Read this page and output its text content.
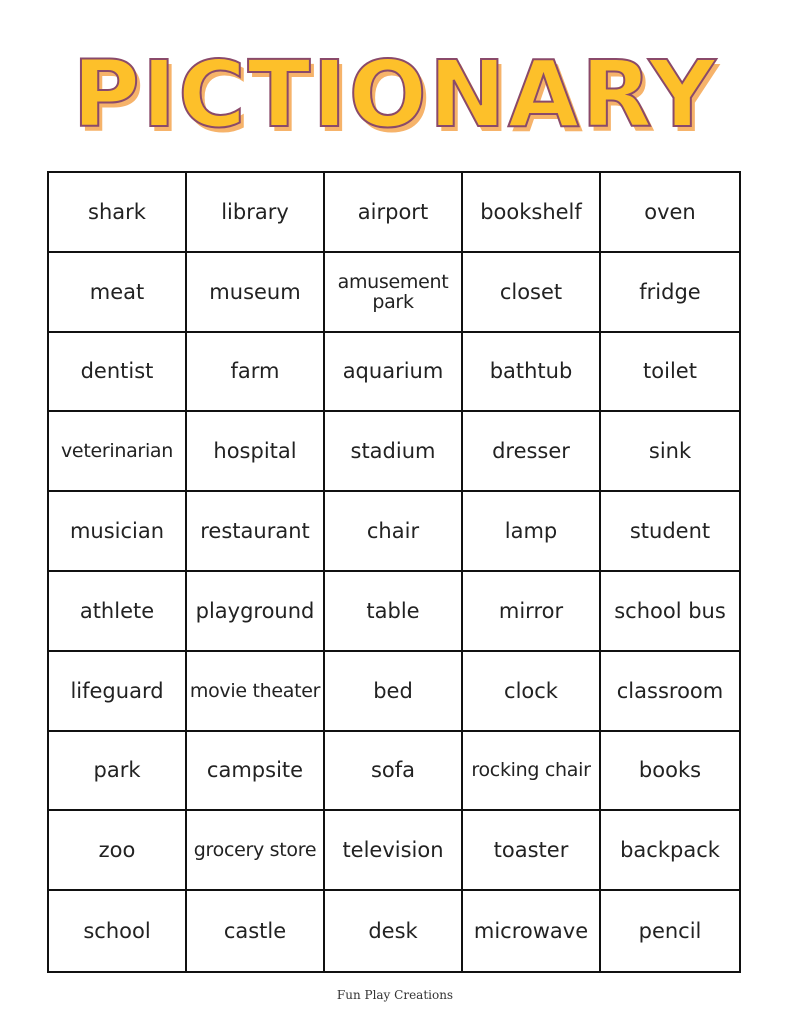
PICTIONARY
shark	library	airport	bookshelf	oven
meat	museum	amusement park	closet	fridge
dentist	farm	aquarium	bathtub	toilet
veterinarian	hospital	stadium	dresser	sink
musician	restaurant	chair	lamp	student
athlete	playground	table	mirror	school bus
lifeguard	movie theater	bed	clock	classroom
park	campsite	sofa	rocking chair	books
zoo	grocery store	television	toaster	backpack
school	castle	desk	microwave	pencil
Fun Play Creations
